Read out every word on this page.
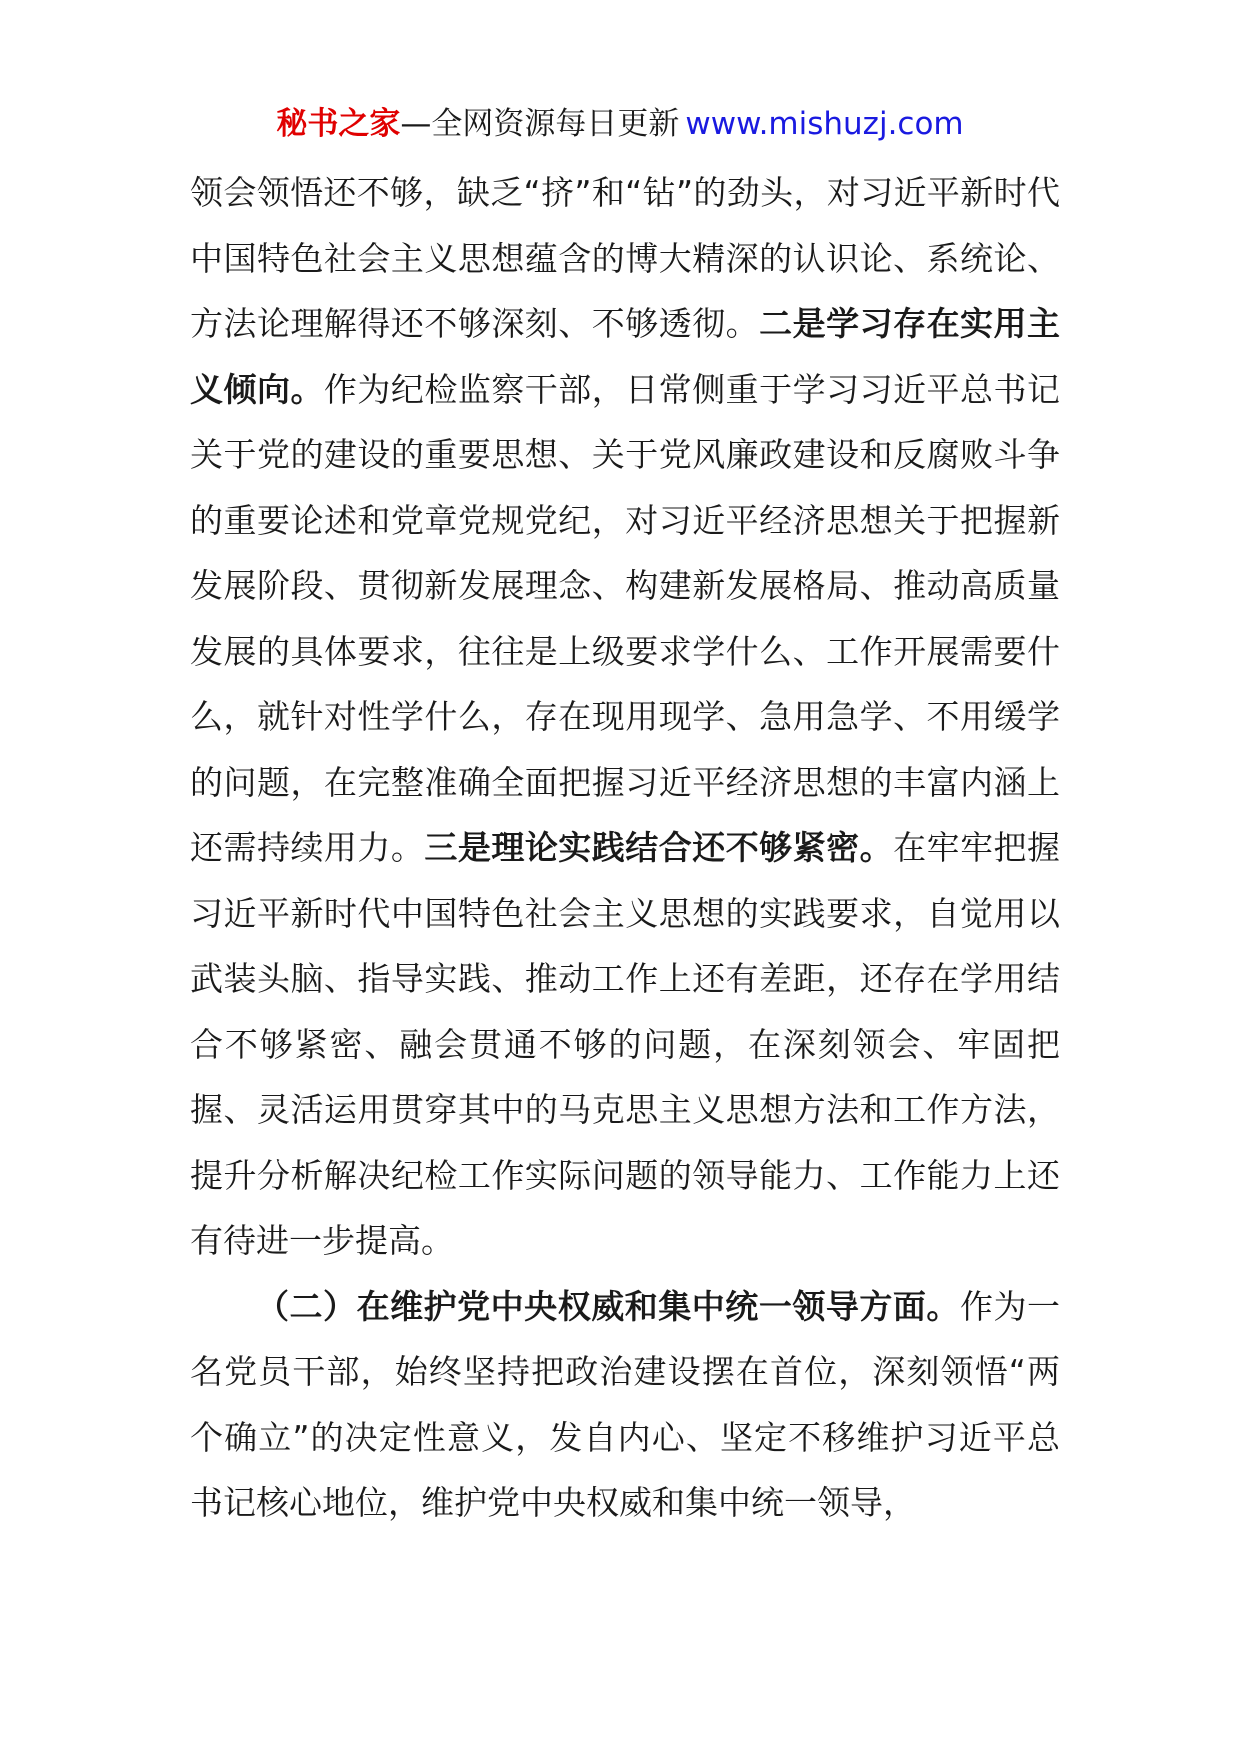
秘书之家—全网资源每日更新 www.mishuzj.com

领会领悟还不够，缺乏“挤”和“钻”的劲头，对习近平新时代中国特色社会主义思想蕴含的博大精深的认识论、系统论、方法论理解得还不够深刻、不够透彻。二是学习存在实用主义倾向。作为纪检监察干部，日常侧重于学习习近平总书记关于党的建设的重要思想、关于党风廉政建设和反腐败斗争的重要论述和党章党规党纪，对习近平经济思想关于把握新发展阶段、贯彻新发展理念、构建新发展格局、推动高质量发展的具体要求，往往是上级要求学什么、工作开展需要什么，就针对性学什么，存在现用现学、急用急学、不用缓学的问题，在完整准确全面把握习近平经济思想的丰富内涵上还需持续用力。三是理论实践结合还不够紧密。在牢牢把握习近平新时代中国特色社会主义思想的实践要求，自觉用以武装头脑、指导实践、推动工作上还有差距，还存在学用结合不够紧密、融会贯通不够的问题，在深刻领会、牢固把握、灵活运用贯穿其中的马克思主义思想方法和工作方法，提升分析解决纪检工作实际问题的领导能力、工作能力上还有待进一步提高。

（二）在维护党中央权威和集中统一领导方面。作为一名党员干部，始终坚持把政治建设摆在首位，深刻领悟“两个确立”的决定性意义，发自内心、坚定不移维护习近平总书记核心地位，维护党中央权威和集中统一领导，
